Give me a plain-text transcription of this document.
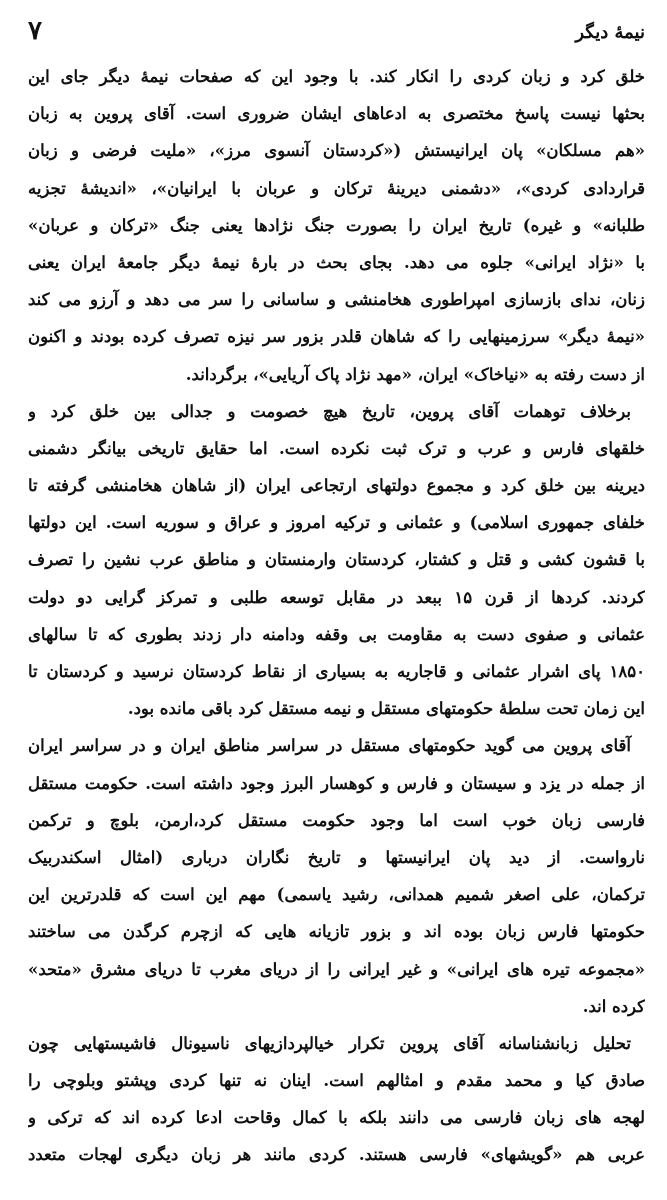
نیمهٔ دیگر
۷
خلق کرد و زبان کردی را انکار کند. با وجود این که صفحات نیمهٔ دیگر جای این
بحثها نیست پاسخ مختصری به ادعاهای ایشان ضروری است. آقای پروین به زبان
«هم مسلکان» پان ایرانیستش («کردستان آنسوی مرز»، «ملیت فرضی و زبان
قراردادی کردی»، «دشمنی دیرینهٔ ترکان و عربان با ایرانیان»، «اندیشهٔ تجزیه
طلبانه» و غیره) تاریخ ایران را بصورت جنگ نژادها یعنی جنگ «ترکان و عربان»
با «نژاد ایرانی» جلوه می دهد. بجای بحث در بارهٔ نیمهٔ دیگر جامعهٔ ایران یعنی
زنان، ندای بازسازی امپراطوری هخامنشی و ساسانی را سر می دهد و آرزو می کند
«نیمهٔ دیگر» سرزمینهایی را که شاهان قلدر بزور سر نیزه تصرف کرده بودند و اکنون
از دست رفته به «نیاخاک» ایران، «مهد نژاد پاک آریایی»، برگرداند.
برخلاف توهمات آقای پروین، تاریخ هیچ خصومت و جدالی بین خلق کرد و
خلقهای فارس و عرب و ترک ثبت نکرده است. اما حقایق تاریخی بیانگر دشمنی
دیرینه بین خلق کرد و مجموع دولتهای ارتجاعی ایران (از شاهان هخامنشی گرفته تا
خلفای جمهوری اسلامی) و عثمانی و ترکیه امروز و عراق و سوریه است. این دولتها
با قشون کشی و قتل و کشتار، کردستان وارمنستان و مناطق عرب نشین را تصرف
کردند. کردها از قرن ۱۵ ببعد در مقابل توسعه طلبی و تمرکز گرایی دو دولت
عثمانی و صفوی دست به مقاومت بی وقفه ودامنه دار زدند بطوری که تا سالهای
۱۸۵۰ پای اشرار عثمانی و قاجاریه به بسیاری از نقاط کردستان نرسید و کردستان تا
این زمان تحت سلطهٔ حکومتهای مستقل و نیمه مستقل کرد باقی مانده بود.
آقای پروین می گوید حکومتهای مستقل در سراسر مناطق ایران و در سراسر ایران
از جمله در یزد و سیستان و فارس و کوهسار البرز وجود داشته است. حکومت مستقل
فارسی زبان خوب است اما وجود حکومت مستقل کرد،ارمن، بلوچ و ترکمن
نارواست. از دید پان ایرانیستها و تاریخ نگاران درباری (امثال اسکندربیک
ترکمان، علی اصغر شمیم همدانی، رشید یاسمی) مهم این است که قلدرترین این
حکومتها فارس زبان بوده اند و بزور تازیانه هایی که ازچرم کرگدن می ساختند
«مجموعه تیره های ایرانی» و غیر ایرانی را از دریای مغرب تا دریای مشرق «متحد»
کرده اند.
تحلیل زبانشناسانه آقای پروین تکرار خیالپردازیهای ناسیونال فاشیستهایی چون
صادق کیا و محمد مقدم و امثالهم است. اینان نه تنها کردی وپشتو وبلوچی را
لهجه های زبان فارسی می دانند بلکه با کمال وقاحت ادعا کرده اند که ترکی و
عربی هم «گویشهای» فارسی هستند. کردی مانند هر زبان دیگری لهجات متعدد
